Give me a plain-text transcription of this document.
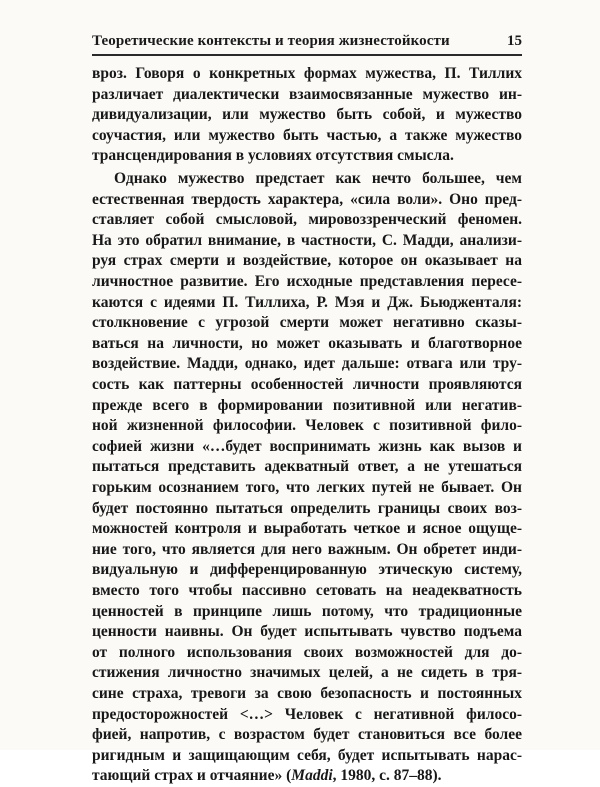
Теоретические контексты и теория жизнестойкости	15
вроз. Говоря о конкретных формах мужества, П. Тиллих
различает диалектически взаимосвязанные мужество ин-
дивидуализации, или мужество быть собой, и мужество
соучастия, или мужество быть частью, а также мужество
трансцендирования в условиях отсутствия смысла.
Однако мужество предстает как нечто большее, чем
естественная твердость характера, «сила воли». Оно пред-
ставляет собой смысловой, мировоззренческий феномен.
На это обратил внимание, в частности, С. Мадди, анализи-
руя страх смерти и воздействие, которое он оказывает на
личностное развитие. Его исходные представления пересе-
каются с идеями П. Тиллиха, Р. Мэя и Дж. Бьюдженталя:
столкновение с угрозой смерти может негативно сказы-
ваться на личности, но может оказывать и благотворное
воздействие. Мадди, однако, идет дальше: отвага или тру-
сость как паттерны особенностей личности проявляются
прежде всего в формировании позитивной или негатив-
ной жизненной философии. Человек с позитивной фило-
софией жизни «…будет воспринимать жизнь как вызов и
пытаться представить адекватный ответ, а не утешаться
горьким осознанием того, что легких путей не бывает. Он
будет постоянно пытаться определить границы своих воз-
можностей контроля и выработать четкое и ясное ощуще-
ние того, что является для него важным. Он обретет инди-
видуальную и дифференцированную этическую систему,
вместо того чтобы пассивно сетовать на неадекватность
ценностей в принципе лишь потому, что традиционные
ценности наивны. Он будет испытывать чувство подъема
от полного использования своих возможностей для до-
стижения личностно значимых целей, а не сидеть в тря-
сине страха, тревоги за свою безопасность и постоянных
предосторожностей <…> Человек с негативной филосо-
фией, напротив, с возрастом будет становиться все более
ригидным и защищающим себя, будет испытывать нарас-
тающий страх и отчаяние» (Maddi, 1980, с. 87–88).
